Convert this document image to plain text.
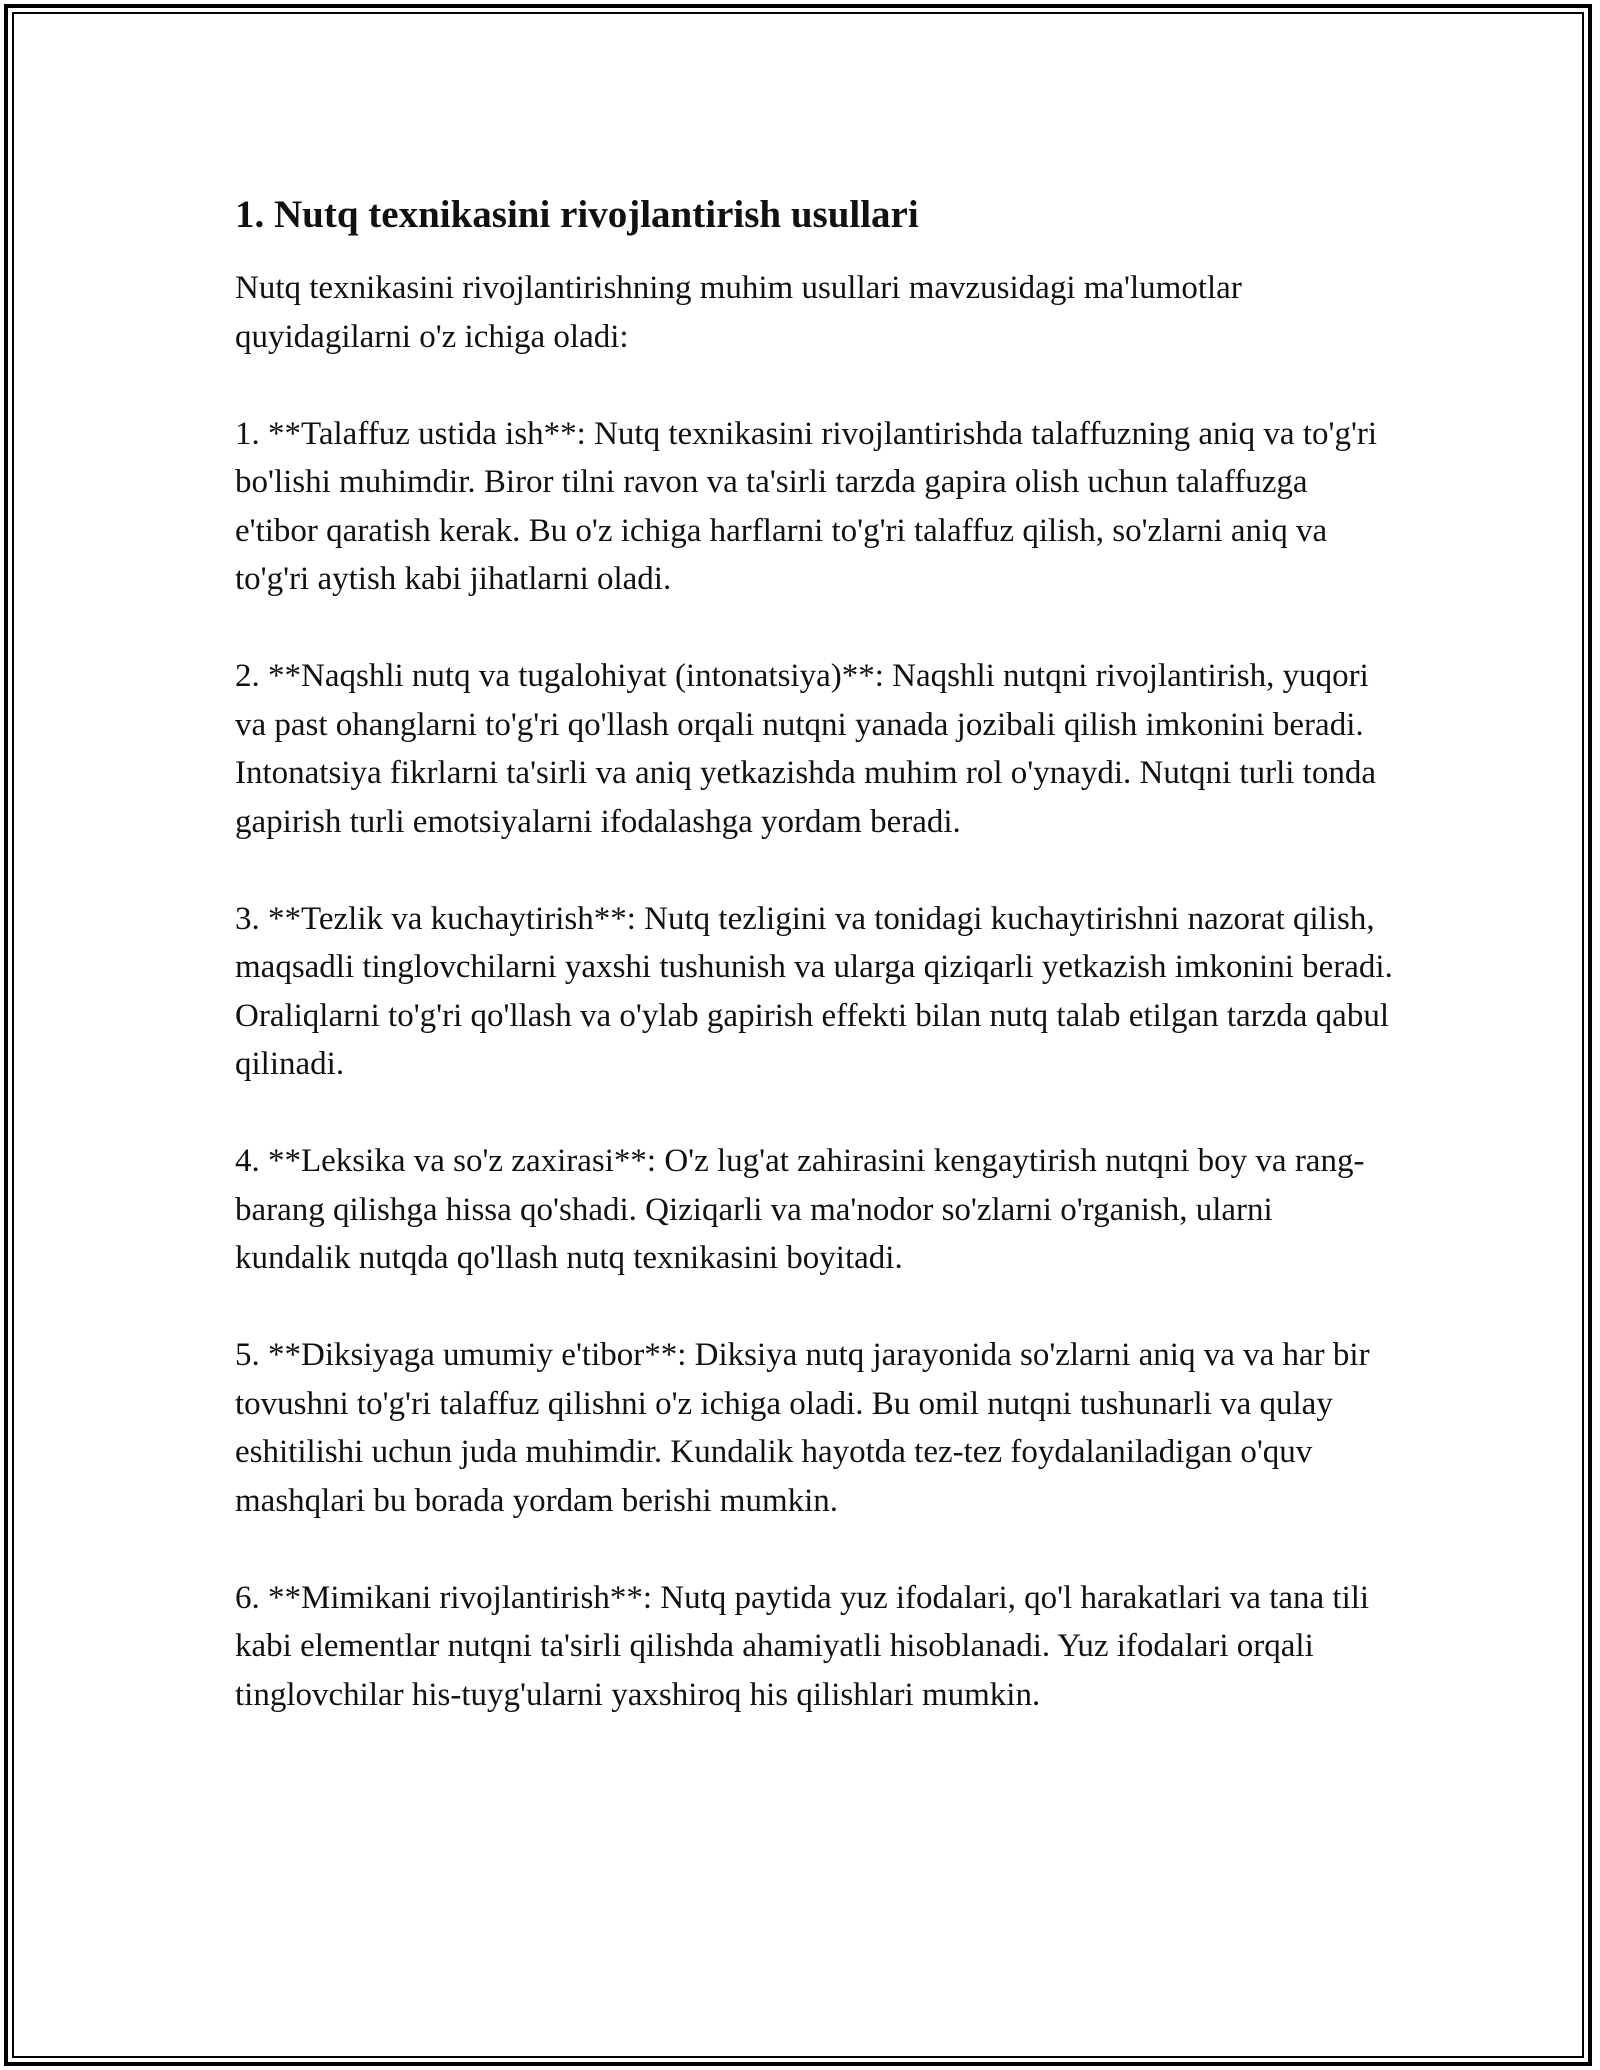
1. Nutq texnikasini rivojlantirish usullari

Nutq texnikasini rivojlantirishning muhim usullari mavzusidagi ma'lumotlar quyidagilarni o'z ichiga oladi:

1. **Talaffuz ustida ish**: Nutq texnikasini rivojlantirishda talaffuzning aniq va to'g'ri bo'lishi muhimdir. Biror tilni ravon va ta'sirli tarzda gapira olish uchun talaffuzga e'tibor qaratish kerak. Bu o'z ichiga harflarni to'g'ri talaffuz qilish, so'zlarni aniq va to'g'ri aytish kabi jihatlarni oladi.

2. **Naqshli nutq va tugalohiyat (intonatsiya)**: Naqshli nutqni rivojlantirish, yuqori va past ohanglarni to'g'ri qo'llash orqali nutqni yanada jozibali qilish imkonini beradi. Intonatsiya fikrlarni ta'sirli va aniq yetkazishda muhim rol o'ynaydi. Nutqni turli tonda gapirish turli emotsiyalarni ifodalashga yordam beradi.

3. **Tezlik va kuchaytirish**: Nutq tezligini va tonidagi kuchaytirishni nazorat qilish, maqsadli tinglovchilarni yaxshi tushunish va ularga qiziqarli yetkazish imkonini beradi. Oraliqlarni to'g'ri qo'llash va o'ylab gapirish effekti bilan nutq talab etilgan tarzda qabul qilinadi.

4. **Leksika va so'z zaxirasi**: O'z lug'at zahirasini kengaytirish nutqni boy va rang-barang qilishga hissa qo'shadi. Qiziqarli va ma'nodor so'zlarni o'rganish, ularni kundalik nutqda qo'llash nutq texnikasini boyitadi.

5. **Diksiyaga umumiy e'tibor**: Diksiya nutq jarayonida so'zlarni aniq va va har bir tovushni to'g'ri talaffuz qilishni o'z ichiga oladi. Bu omil nutqni tushunarli va qulay eshitilishi uchun juda muhimdir. Kundalik hayotda tez-tez foydalaniladigan o'quv mashqlari bu borada yordam berishi mumkin.

6. **Mimikani rivojlantirish**: Nutq paytida yuz ifodalari, qo'l harakatlari va tana tili kabi elementlar nutqni ta'sirli qilishda ahamiyatli hisoblanadi. Yuz ifodalari orqali tinglovchilar his-tuyg'ularni yaxshiroq his qilishlari mumkin.
